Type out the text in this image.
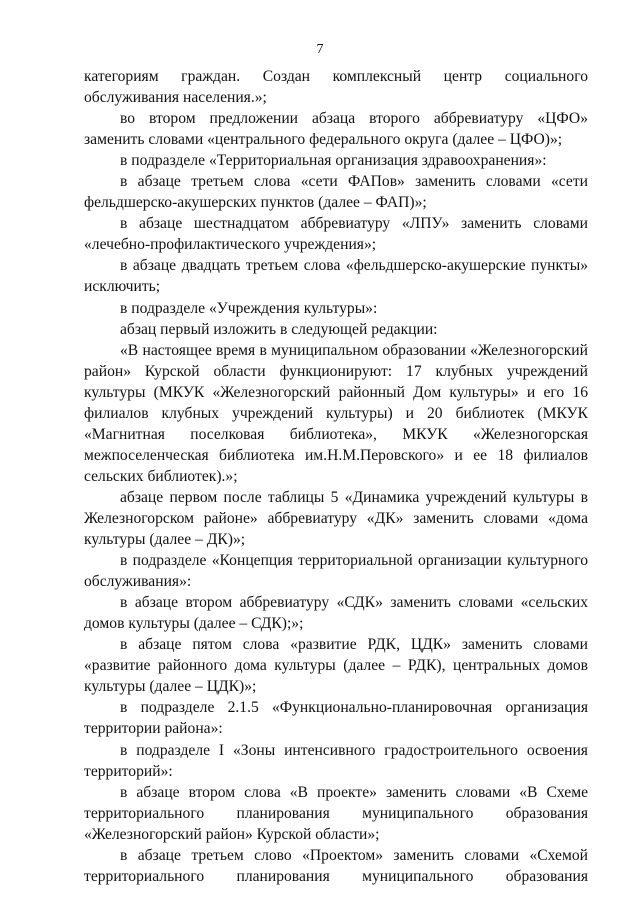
7

категориям граждан. Создан комплексный центр социального обслуживания населения.»;

во втором предложении абзаца второго аббревиатуру «ЦФО» заменить словами «центрального федерального округа (далее – ЦФО)»;

в подразделе «Территориальная организация здравоохранения»:

в абзаце третьем слова «сети ФАПов» заменить словами «сети фельдшерско-акушерских пунктов (далее – ФАП)»;

в абзаце шестнадцатом аббревиатуру «ЛПУ» заменить словами «лечебно-профилактического учреждения»;

в абзаце двадцать третьем слова «фельдшерско-акушерские пункты» исключить;

в подразделе «Учреждения культуры»:

абзац первый изложить в следующей редакции:

«В настоящее время в муниципальном образовании «Железногорский район» Курской области функционируют: 17 клубных учреждений культуры (МКУК «Железногорский районный Дом культуры» и его 16 филиалов клубных учреждений культуры) и 20 библиотек (МКУК «Магнитная поселковая библиотека», МКУК «Железногорская межпоселенческая библиотека им.Н.М.Перовского» и ее 18 филиалов сельских библиотек).»;

абзаце первом после таблицы 5 «Динамика учреждений культуры в Железногорском районе» аббревиатуру «ДК» заменить словами «дома культуры (далее – ДК)»;

в подразделе «Концепция территориальной организации культурного обслуживания»:

в абзаце втором аббревиатуру «СДК» заменить словами «сельских домов культуры (далее – СДК);»;

в абзаце пятом слова «развитие РДК, ЦДК» заменить словами «развитие районного дома культуры (далее – РДК), центральных домов культуры (далее – ЦДК)»;

в подразделе 2.1.5 «Функционально-планировочная организация территории района»:

в подразделе I «Зоны интенсивного градостроительного освоения территорий»:

в абзаце втором слова «В проекте» заменить словами «В Схеме территориального планирования муниципального образования «Железногорский район» Курской области»;

в абзаце третьем слово «Проектом» заменить словами «Схемой территориального планирования муниципального образования
